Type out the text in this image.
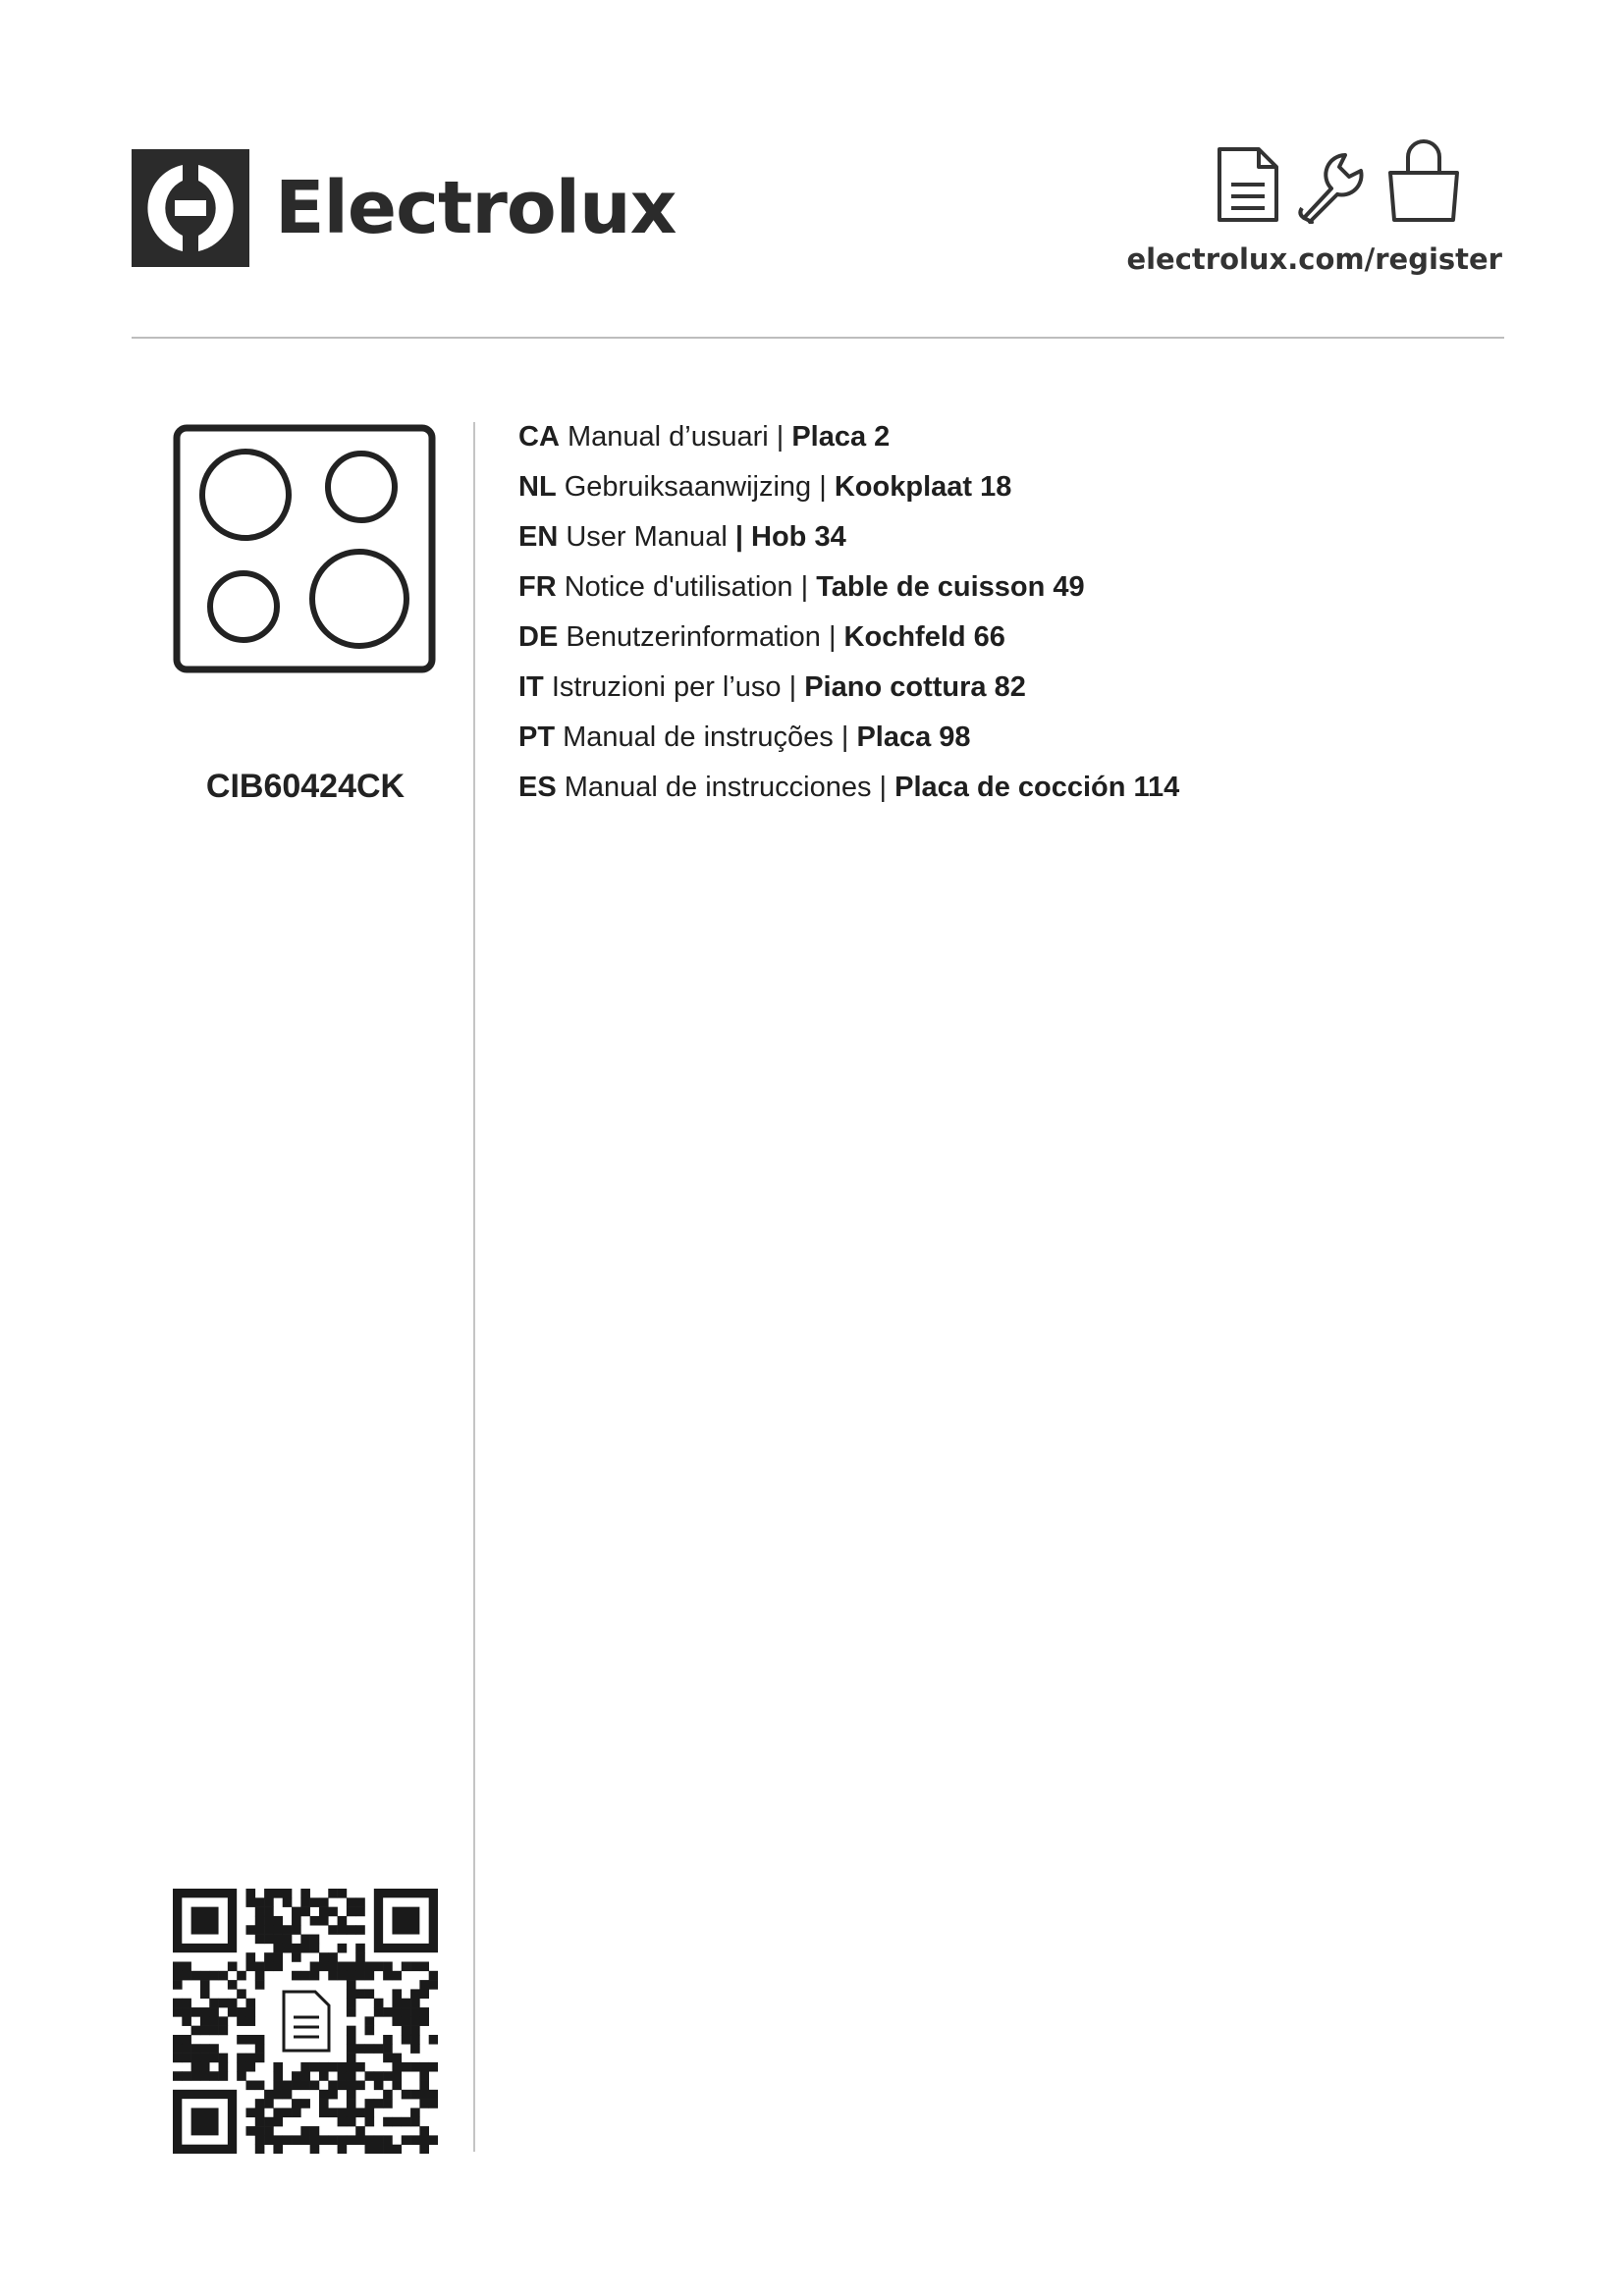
Electrolux
electrolux.com/register
CIB60424CK
CA Manual d’usuari | Placa 2
NL Gebruiksaanwijzing | Kookplaat 18
EN User Manual | Hob 34
FR Notice d'utilisation | Table de cuisson 49
DE Benutzerinformation | Kochfeld 66
IT Istruzioni per l’uso | Piano cottura 82
PT Manual de instruções | Placa 98
ES Manual de instrucciones | Placa de cocción 114
